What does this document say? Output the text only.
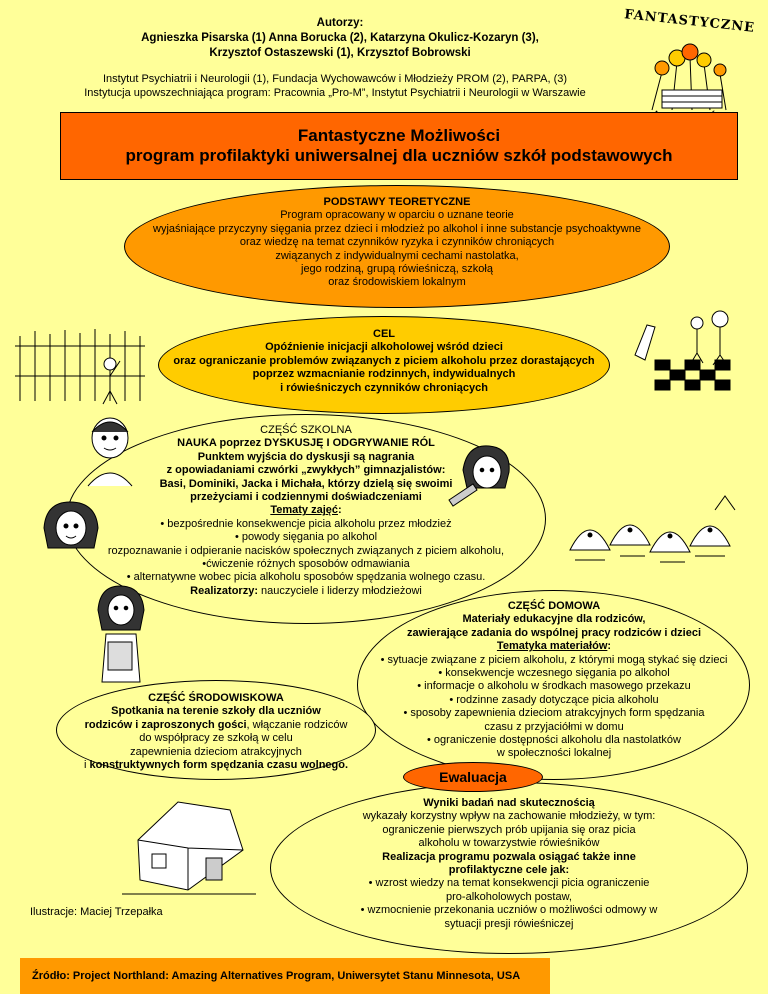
Autorzy:
Agnieszka Pisarska (1) Anna Borucka (2), Katarzyna Okulicz-Kozaryn (3),
Krzysztof Ostaszewski (1), Krzysztof Bobrowski
Instytut Psychiatrii i Neurologii (1), Fundacja Wychowawców i Młodzieży PROM (2), PARPA, (3)
Instytucja upowszechniająca program: Pracownia „Pro-M”, Instytut Psychiatrii i Neurologii w Warszawie
FANTASTYCZNE
Fantastyczne Możliwości
program profilaktyki uniwersalnej dla uczniów szkół podstawowych
Ewaluacja
PODSTAWY TEORETYCZNE
Program opracowany w oparciu o uznane teorie
wyjaśniające przyczyny sięgania przez dzieci i młodzież po alkohol i inne substancje psychoaktywne
oraz wiedzę na temat czynników ryzyka i czynników chroniących
związanych z indywidualnymi cechami nastolatka,
jego rodziną, grupą rówieśniczą, szkołą
oraz środowiskiem lokalnym
CEL
Opóźnienie inicjacji alkoholowej wśród dzieci
oraz ograniczanie problemów związanych z piciem alkoholu przez dorastających
poprzez wzmacnianie rodzinnych, indywidualnych
i rówieśniczych czynników chroniących
CZĘŚĆ SZKOLNA
NAUKA poprzez DYSKUSJĘ I ODGRYWANIE RÓL
Punktem wyjścia do dyskusji są nagrania
z opowiadaniami czwórki „zwykłych” gimnazjalistów:
Basi, Dominiki, Jacka i Michała, którzy dzielą się swoimi
przeżyciami i codziennymi doświadczeniami
Tematy zajęć:
• bezpośrednie konsekwencje picia alkoholu przez młodzież
• powody sięgania po alkohol
rozpoznawanie i odpieranie nacisków społecznych związanych z piciem alkoholu,
•ćwiczenie różnych sposobów odmawiania
• alternatywne wobec picia alkoholu sposobów spędzania wolnego czasu.
Realizatorzy: nauczyciele i liderzy młodzieżowi
CZĘŚĆ DOMOWA
Materiały edukacyjne dla rodziców,
zawierające zadania do wspólnej pracy rodziców i dzieci
Tematyka materiałów:
• sytuacje związane z piciem alkoholu, z którymi mogą stykać się dzieci
• konsekwencje wczesnego sięgania po alkohol
• informacje o alkoholu w środkach masowego przekazu
• rodzinne zasady dotyczące picia alkoholu
• sposoby zapewnienia dzieciom atrakcyjnych form spędzania
czasu z przyjaciółmi w domu
• ograniczenie dostępności alkoholu dla nastolatków
w społeczności lokalnej
CZĘŚĆ ŚRODOWISKOWA
Spotkania na terenie szkoły dla uczniów
rodziców i zaproszonych gości, włączanie rodziców
do współpracy ze szkołą w celu
zapewnienia dzieciom atrakcyjnych
i konstruktywnych form spędzania czasu wolnego.
Wyniki badań nad skutecznością
wykazały korzystny wpływ na zachowanie młodzieży, w tym:
ograniczenie pierwszych prób upijania się oraz picia
alkoholu w towarzystwie rówieśników
Realizacja programu pozwala osiągać także inne
profilaktyczne cele jak:
• wzrost wiedzy na temat konsekwencji picia ograniczenie
pro-alkoholowych postaw,
• wzmocnienie przekonania uczniów o możliwości odmowy w
sytuacji presji rówieśniczej
Ilustracje: Maciej Trzepałka
Źródło: Project Northland: Amazing Alternatives Program, Uniwersytet Stanu Minnesota, USA
